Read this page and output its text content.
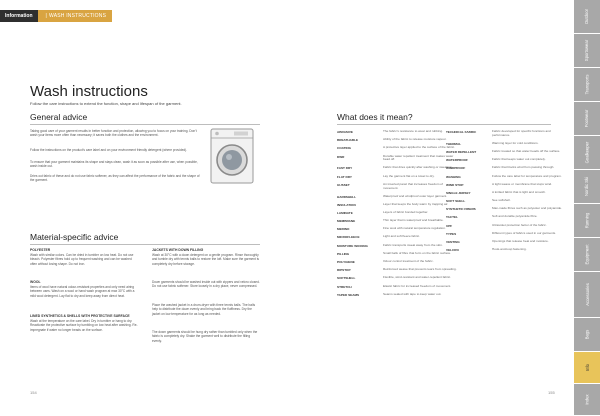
Information	| WASH INSTRUCTIONS
Wash instructions
Follow the care instructions to extend the function, shape and lifespan of the garment.
General advice
Taking good care of your garment results in better function and protection, allowing you to focus on your training. Don't wash your items more often than necessary; it saves both the clothes and the environment.
Follow the instructions on the product's care label and on your environment friendly detergent (where provided).
To ensure that your garment maintains its shape and stays clean, wash it as soon as possible after use, when possible, wash inside out.
Dries out fabric of these and do not use fabric softener, as they can affect the performance of the fabric and the shape of the garment.
Material-specific advice
POLYESTER
Wash with similar colors. Can be dried in tumbler on low heat. Do not use bleach. Polyester fibres hold up to frequent washing and can be washed often without losing shape. Do not iron.
WOOL
Items of wool have natural odour-resistant properties and only need airing between uses. Wash on a wool or hand wash program at max 30°C with a mild wool detergent. Lay flat to dry and keep away from direct heat.
LINED SYNTHETICS & SHELLS WITH PROTECTIVE SURFACE
Wash at the temperature on the care label. Dry in tumbler or hang to dry. Reactivate the protective surface by tumbling on low heat after washing. Re-impregnate if water no longer beads on the surface.
JACKETS WITH DOWN FILLING
Wash at 30°C with a down detergent on a gentle program. Rinse thoroughly and tumble dry with tennis balls to restore the loft. Make sure the garment is completely dry before storage.
Down garments should be washed inside out with zippers and velcro closed. Do not use fabric softener. Store loosely in a dry place, never compressed.
Place the washed jacket in a drum-dryer with three tennis balls. The balls help to distribute the down evenly and bring back the fluffiness. Dry the jacket on low temperature for as long as needed.
The down garments should be hung dry rather than tumbled only when the fabric is completely dry. Shake the garment well to distribute the filling evenly.
What does it mean?
ABRASIVE	The fabric's resistance to wear and rubbing.
BREATHABLE	Ability of the fabric to release moisture vapour.
COATING	A protective layer applied to the surface of the fabric.
DWR	Durable water repellent treatment that makes water bead off.
FAST DRY	Fabric that dries quickly after washing or sweating.
FLAT DRY	Lay the garment flat on a towel to dry.
GUSSET	An inserted panel that increases freedom of movement.
HARDSHELL	Waterproof and windproof outer layer garment.
INSULATION	Layer that keeps the body warm by trapping air.
LAMINATE	Layers of fabric bonded together.
MEMBRANE	Thin layer that is waterproof and breathable.
MERINO	Fine wool with natural temperature regulation.
MICROFLEECE	Light and soft fleece fabric.
MOISTURE WICKING	Fabric transports sweat away from the skin.
PILLING	Small balls of fibre that form on the fabric surface.
POLYGIENE	Odour control treatment of the fabric.
RIPSTOP	Reinforced weave that prevents tears from spreading.
SOFTSHELL	Flexible, wind-resistant and water-repellent fabric.
STRETCH	Elastic fabric for increased freedom of movement.
TAPED SEAMS	Seams sealed with tape to keep water out.
TECHNICAL FABRIC	Fabric developed for specific functions and performance.
THERMAL	Warming layer for cold conditions.
WATER REPELLENT	Fabric treated so that water beads off the surface.
WATERPROOF	Fabric that keeps water out completely.
WINDPROOF	Fabric that blocks wind from passing through.
WASHING	Follow the care label for temperature and program.
WIND STOP	A tight weave or membrane that stops wind.
SINGLE JERSEY	A knitted fabric that is light and smooth.
SOFT SHELL	See softshell.
SYNTHETIC FIBERS	Man-made fibres such as polyester and polyamide.
TACTEL	Soft and durable polyamide fibre.
UPF	Ultraviolet protection factor of the fabric.
TYPES	Different types of fabrics used in our garments.
VENTING	Openings that release heat and moisture.
VELCRO	Hook-and-loop fastening.
154	155
Outdoor
Sportswear
Transports
Footwear
Goalkeeper
Nordic Ski
Running
Equipment
Accessories
Bags
Info
Index
